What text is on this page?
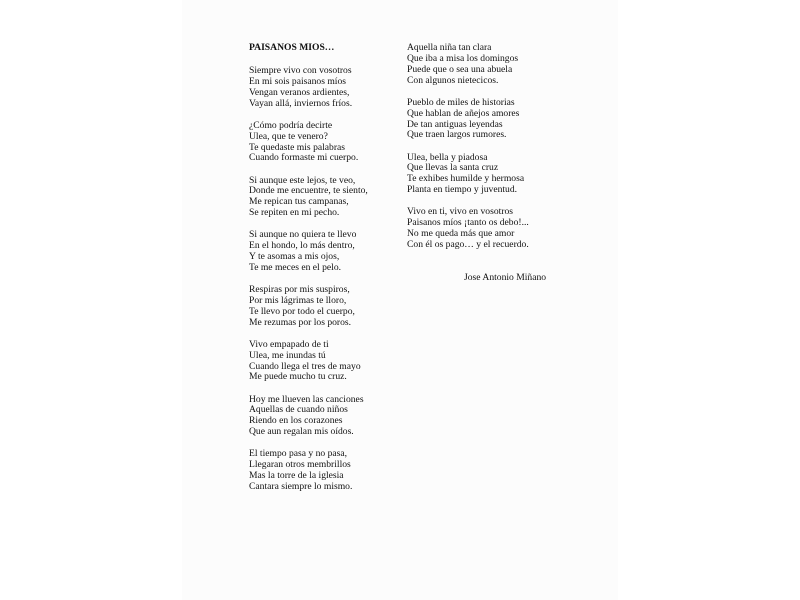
PAISANOS MIOS…
Siempre vivo con vosotros
En mi sois paisanos míos
Vengan veranos ardientes,
Vayan allá, inviernos fríos.
¿Cómo podría decirte
Ulea, que te venero?
Te quedaste mis palabras
Cuando formaste mi cuerpo.
Si aunque este lejos, te veo,
Donde me encuentre, te siento,
Me repican tus campanas,
Se repiten en mi pecho.
Si aunque no quiera te llevo
En el hondo, lo más dentro,
Y te asomas a mis ojos,
Te me meces en el pelo.
Respiras por mis suspiros,
Por mis lágrimas te lloro,
Te llevo por todo el cuerpo,
Me rezumas por los poros.
Vivo empapado de ti
Ulea, me inundas tú
Cuando llega el tres de mayo
Me puede mucho tu cruz.
Hoy me llueven las canciones
Aquellas de cuando niños
Riendo en los corazones
Que aun regalan mis oídos.
El tiempo pasa y no pasa,
Llegaran otros membrillos
Mas la torre de la iglesia
Cantara siempre lo mismo.
Aquella niña tan clara
Que iba a misa los domingos
Puede que o sea una abuela
Con algunos nietecicos.
Pueblo de miles de historias
Que hablan de añejos amores
De tan antiguas leyendas
Que traen largos rumores.
Ulea, bella y piadosa
Que llevas la santa cruz
Te exhibes humilde y hermosa
Planta en tiempo y juventud.
Vivo en ti, vivo en vosotros
Paisanos míos ¡tanto os debo!...
No me queda más que amor
Con él os pago… y el recuerdo.
Jose Antonio Miñano
